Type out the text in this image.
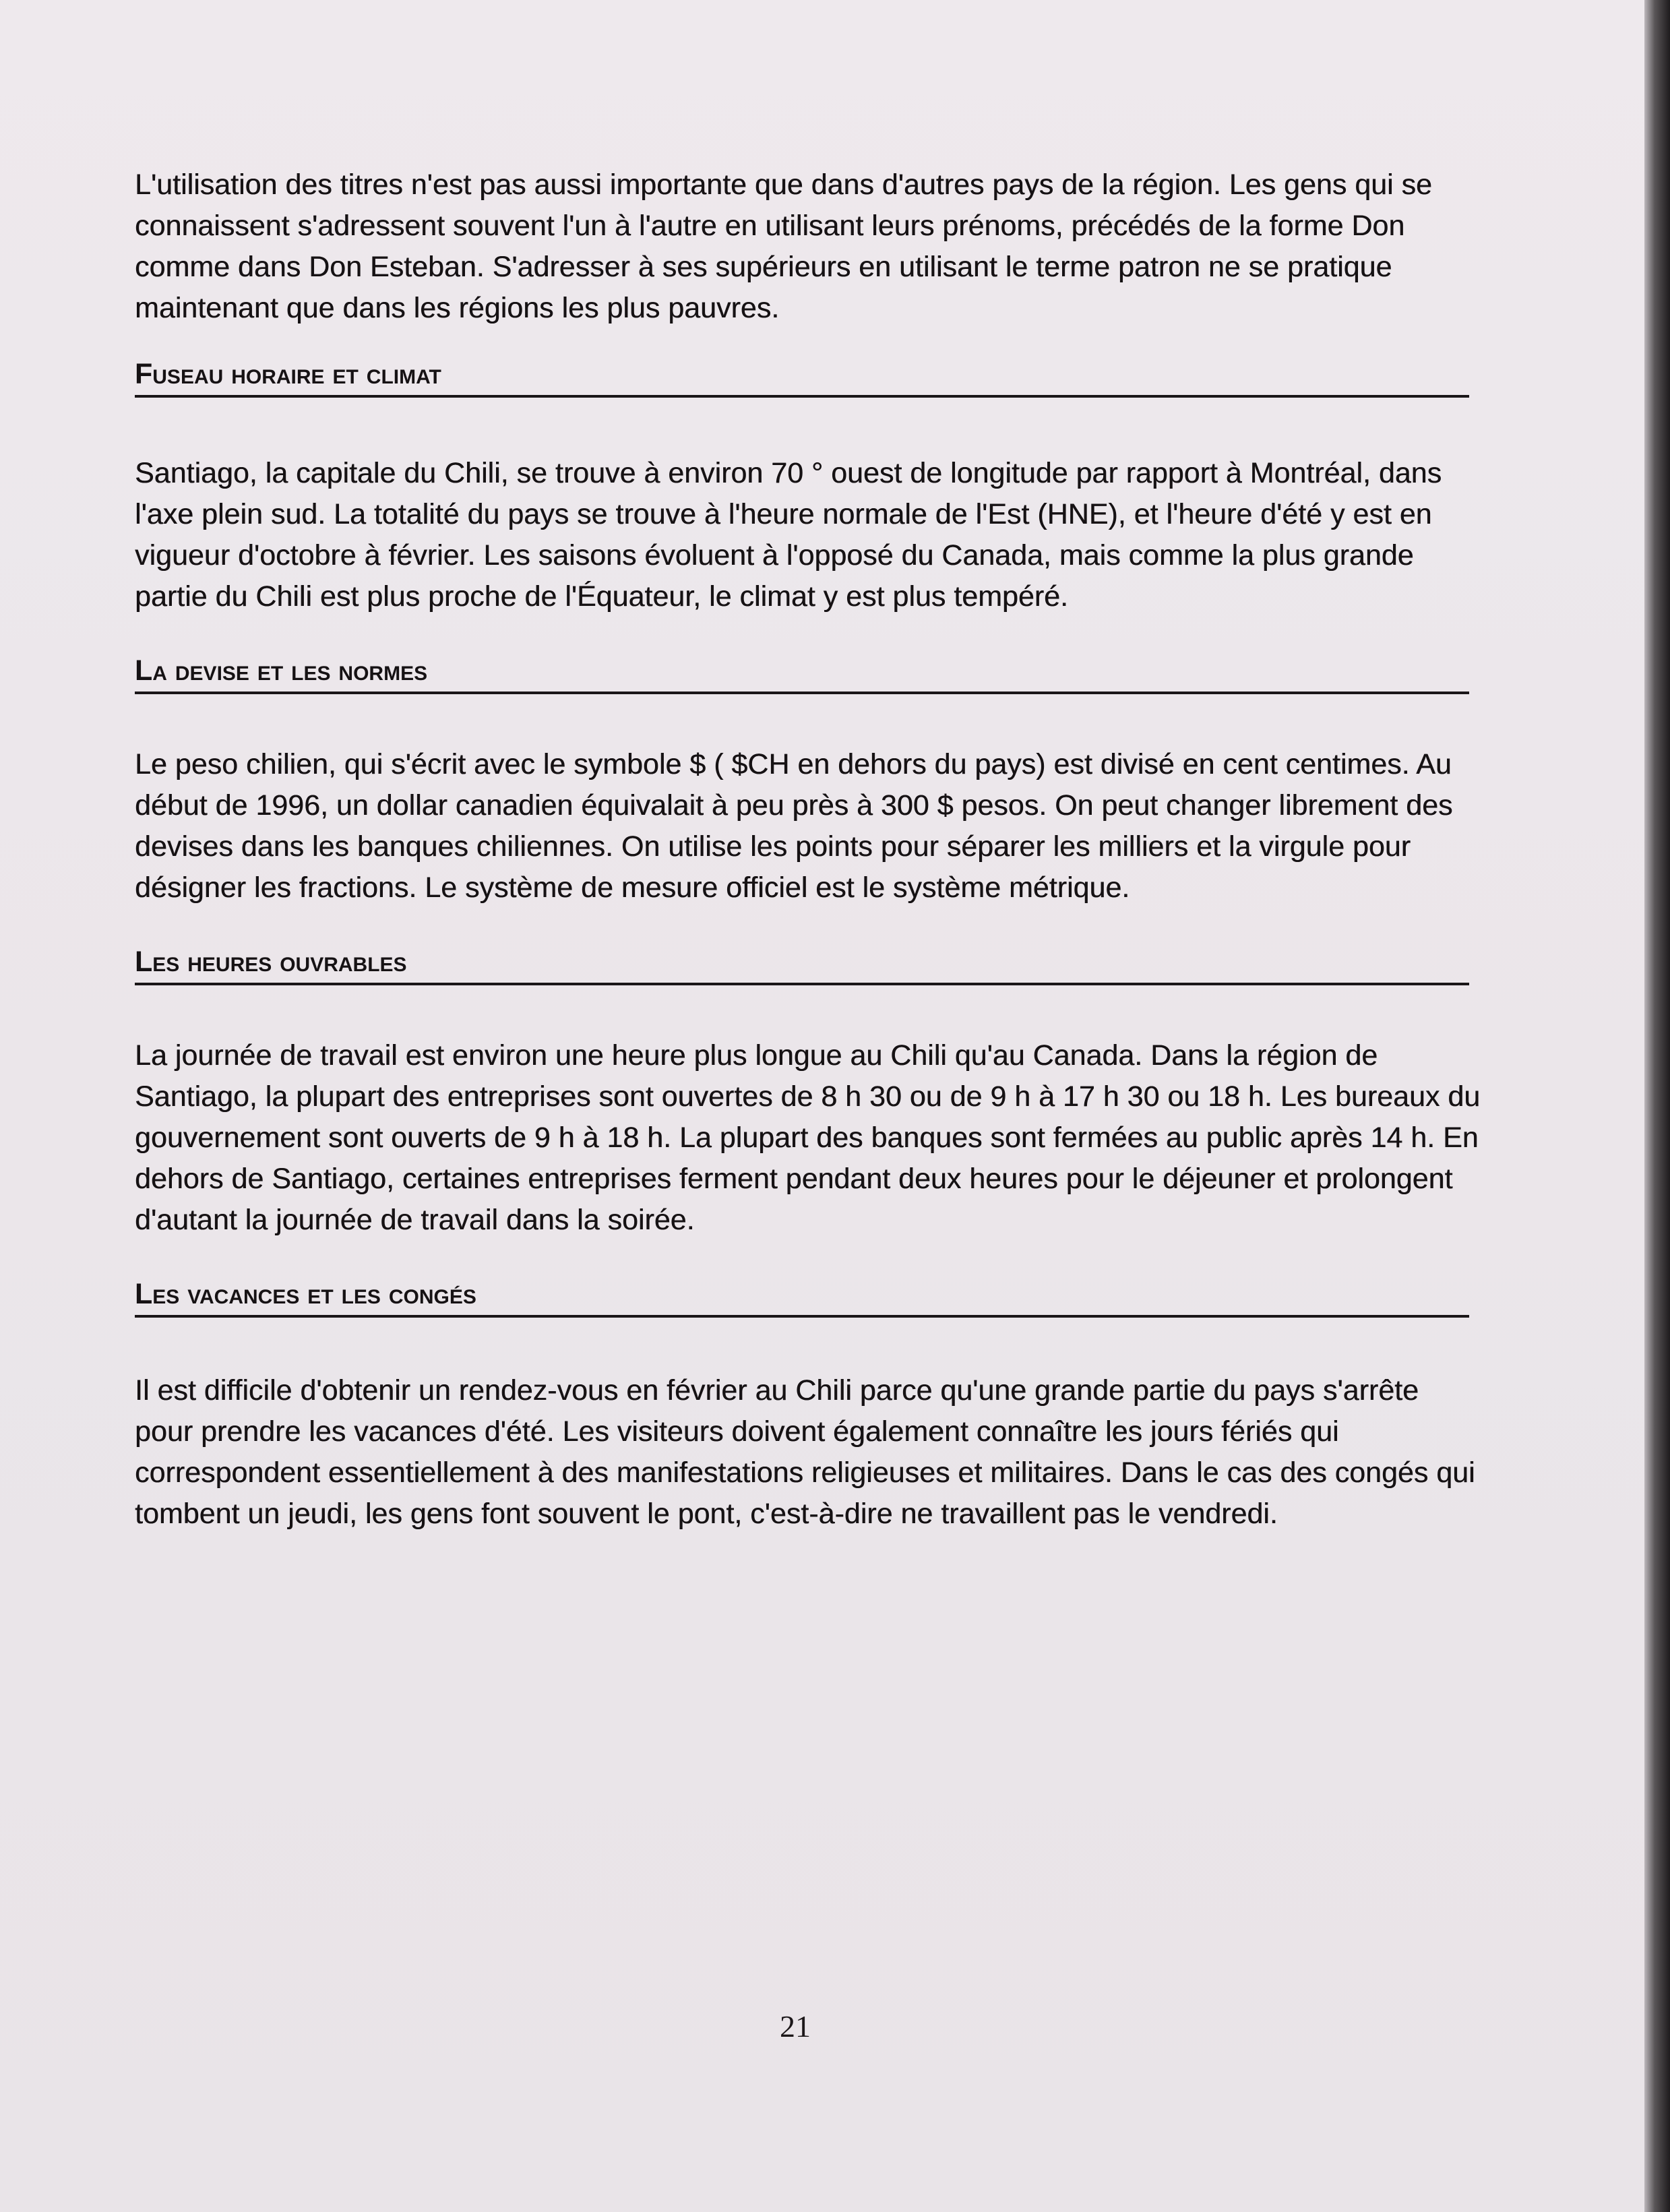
L'utilisation des titres n'est pas aussi importante que dans d'autres pays de la région. Les gens qui se connaissent s'adressent souvent l'un à l'autre en utilisant leurs prénoms, précédés de la forme Don comme dans Don Esteban. S'adresser à ses supérieurs en utilisant le terme patron ne se pratique maintenant que dans les régions les plus pauvres.

Fuseau horaire et climat

Santiago, la capitale du Chili, se trouve à environ 70 ° ouest de longitude par rapport à Montréal, dans l'axe plein sud. La totalité du pays se trouve à l'heure normale de l'Est (HNE), et l'heure d'été y est en vigueur d'octobre à février. Les saisons évoluent à l'opposé du Canada, mais comme la plus grande partie du Chili est plus proche de l'Équateur, le climat y est plus tempéré.

La devise et les normes

Le peso chilien, qui s'écrit avec le symbole $ ( $CH en dehors du pays) est divisé en cent centimes. Au début de 1996, un dollar canadien équivalait à peu près à 300 $ pesos. On peut changer librement des devises dans les banques chiliennes. On utilise les points pour séparer les milliers et la virgule pour désigner les fractions. Le système de mesure officiel est le système métrique.

Les heures ouvrables

La journée de travail est environ une heure plus longue au Chili qu'au Canada. Dans la région de Santiago, la plupart des entreprises sont ouvertes de 8 h 30 ou de 9 h à 17 h 30 ou 18 h. Les bureaux du gouvernement sont ouverts de 9 h à 18 h. La plupart des banques sont fermées au public après 14 h. En dehors de Santiago, certaines entreprises ferment pendant deux heures pour le déjeuner et prolongent d'autant la journée de travail dans la soirée.

Les vacances et les congés

Il est difficile d'obtenir un rendez-vous en février au Chili parce qu'une grande partie du pays s'arrête pour prendre les vacances d'été. Les visiteurs doivent également connaître les jours fériés qui correspondent essentiellement à des manifestations religieuses et militaires. Dans le cas des congés qui tombent un jeudi, les gens font souvent le pont, c'est-à-dire ne travaillent pas le vendredi.

21
